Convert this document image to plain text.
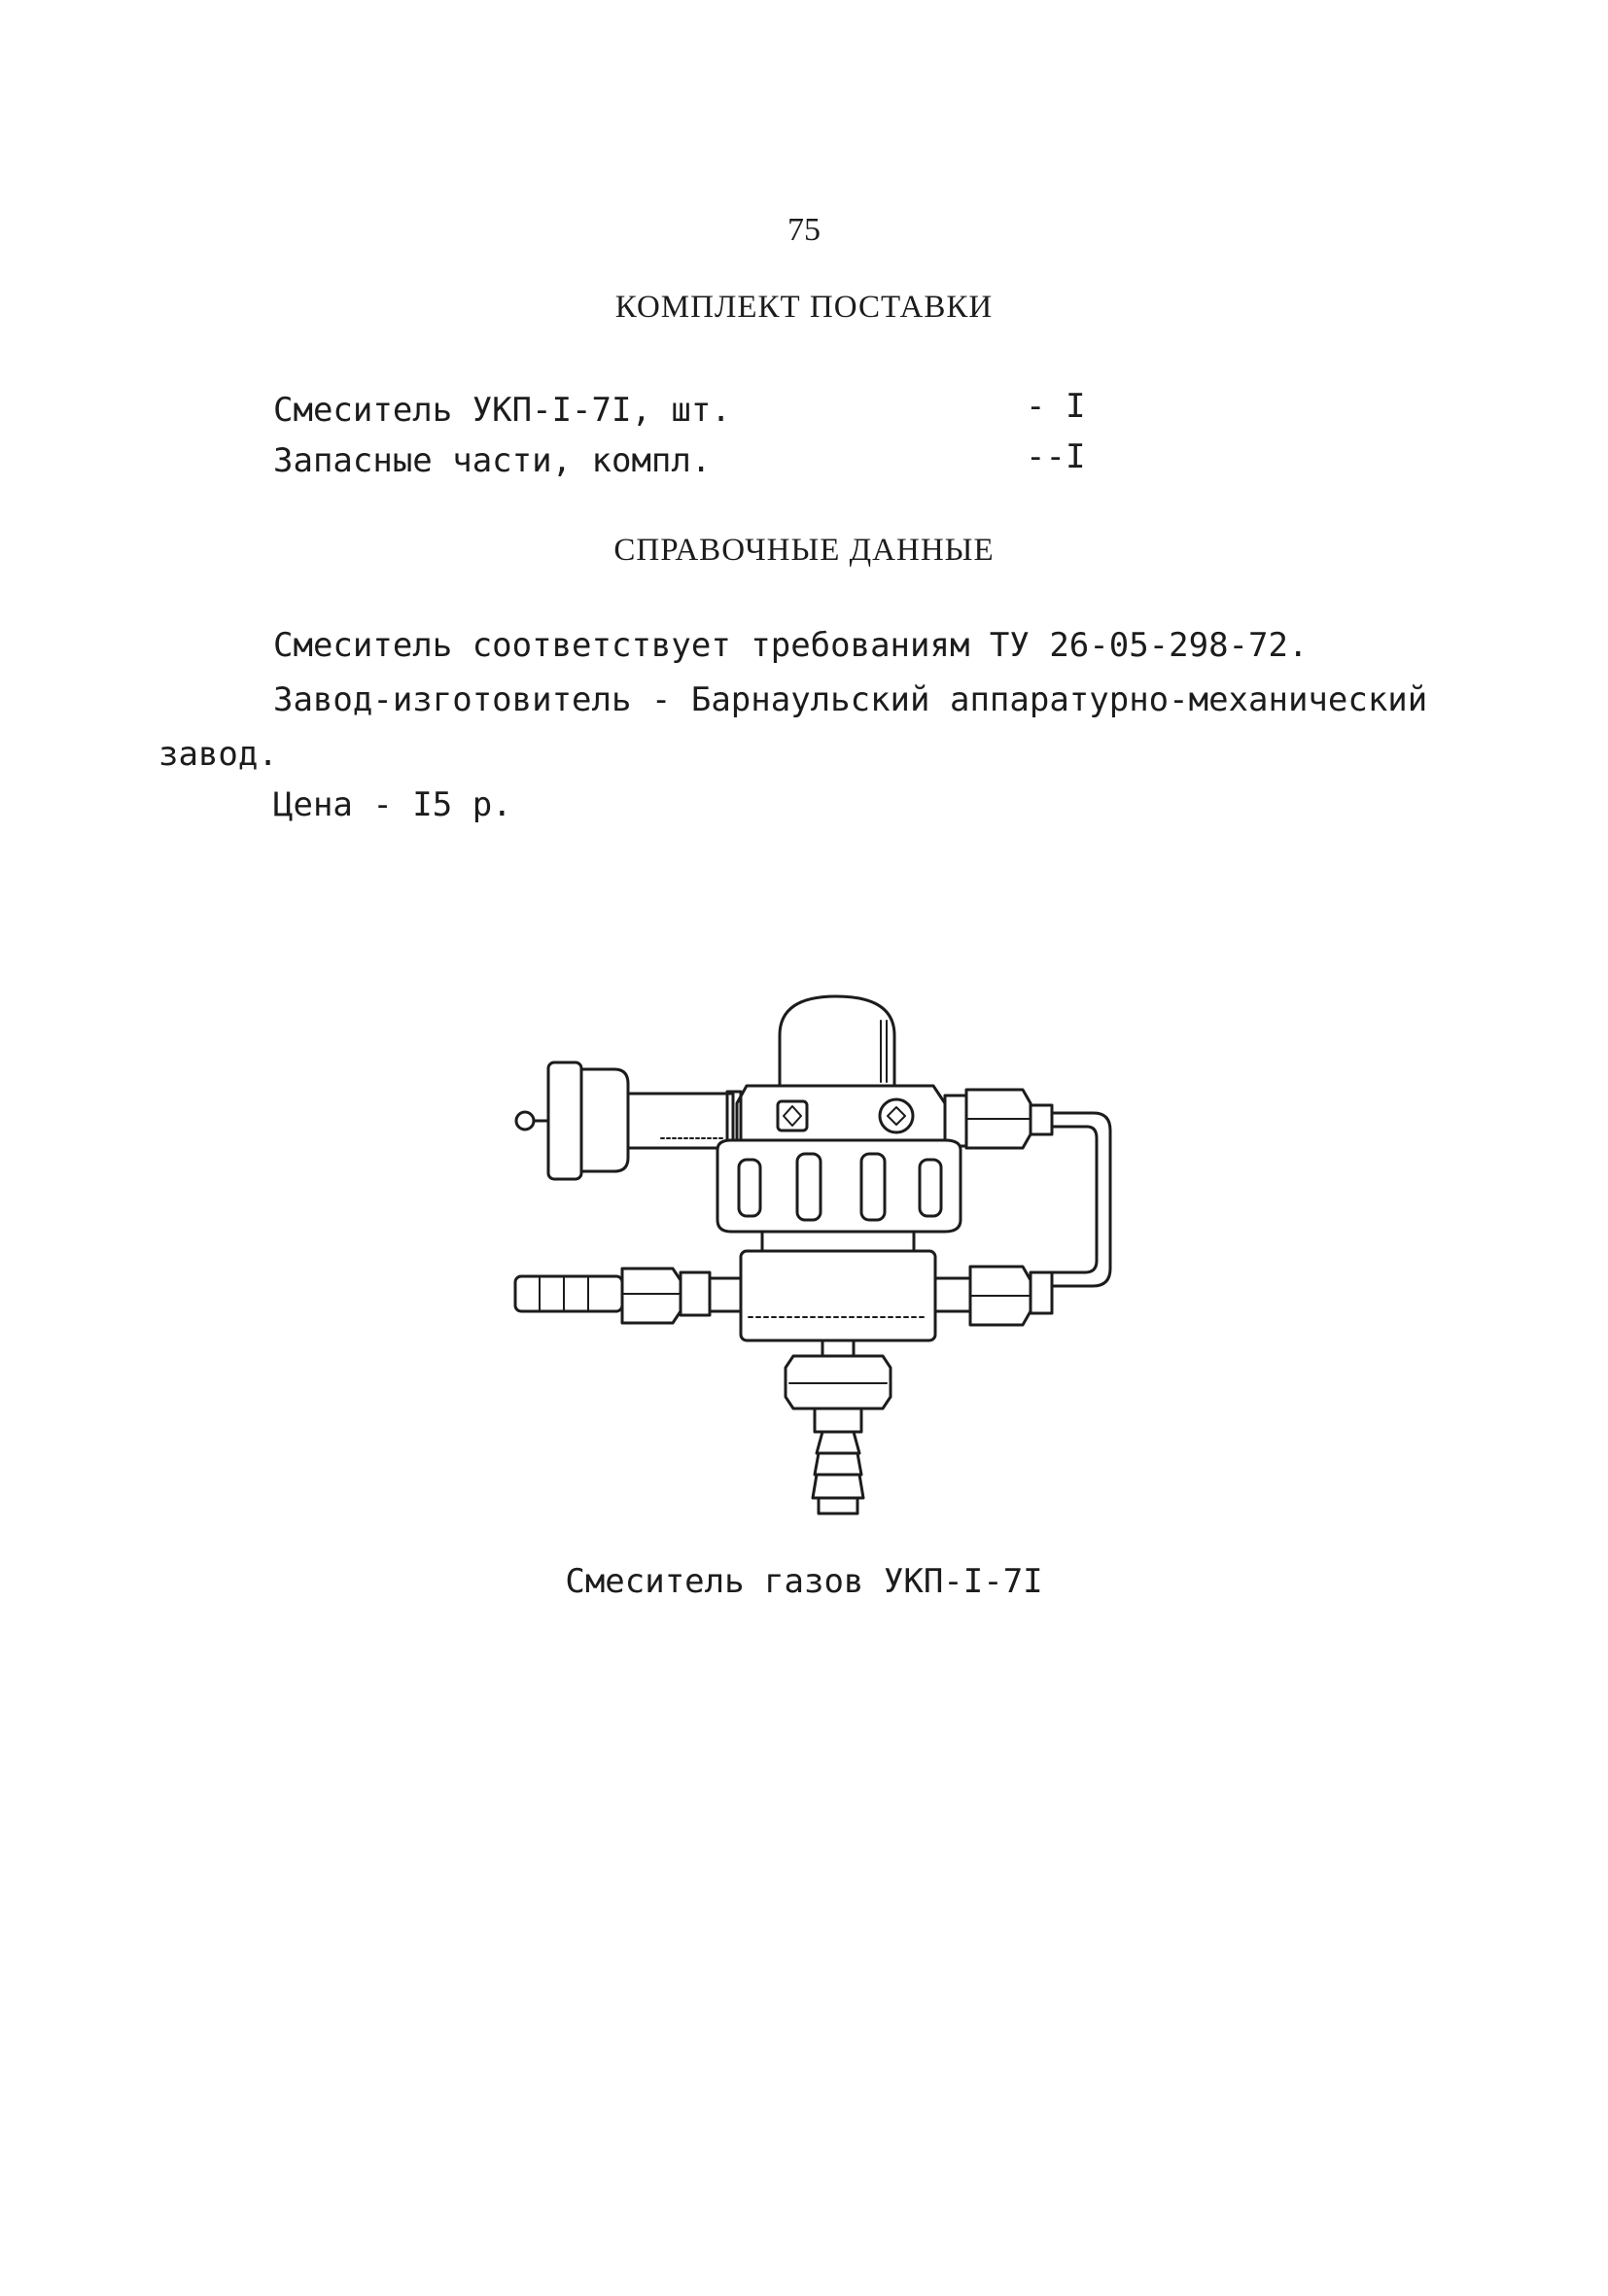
75
КОМПЛЕКТ ПОСТАВКИ
Смеситель УКП-I-7I, шт.	- I
Запасные части, компл.	--I
СПРАВОЧНЫЕ ДАННЫЕ
Смеситель соответствует требованиям ТУ 26-05-298-72.
Завод-изготовитель - Барнаульский аппаратурно-механический
завод.
Цена - I5 р.
Смеситель газов УКП-I-7I
